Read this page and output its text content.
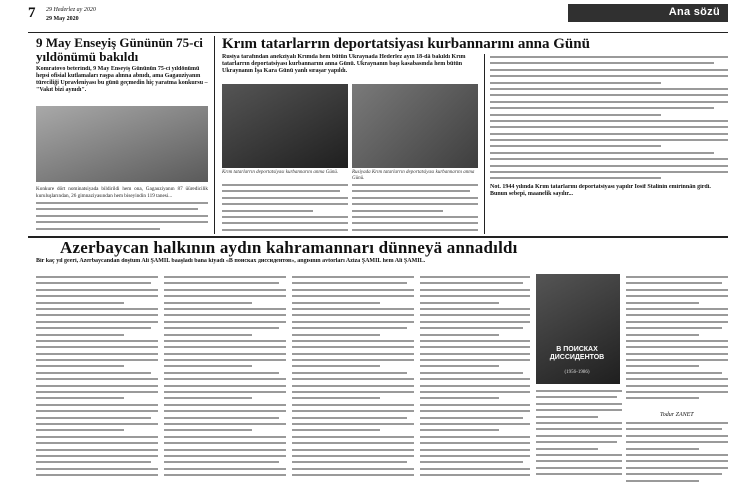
7 29 Hederlez ay 2020
29 May 2020
Ana sözü
9 May Enseyiş Gününün 75-ci yıldönümü bakıldı
Komratovo beterindi, 9 May Enseyiş Gününün 75-ci yıldönümü hepsi ofisial kutlamaları raşpa alınna abnıdı, ama Gagauziyanın türeciliği Upravleniyası bu günü geçmedin hiç yaratma konkursu – "Vakıt bizi aynıdı".
Konkure dört nominatsiyada bildirildi hem ona, Gagauziyanın 87 üüredicilik kuruluşlarından, 26 gimnaziyasından hem biseyindin 119 tanesi...
Krım tatarlarrın deportatsiyası kurbannarını anna Günü
Rusiya tarafından anekziyalı Krımda hem bütün Ukraynada Hederlez ayın 18-dä bakıldı Krım tatarlarrın deportatsiyası kurbannarını anna Günü. Ukraynanın başı kasabasında hem bütün Ukraynanın İşa Kara Günü yanlı sıraşar yapıldı.
Krım tatarlarrın deportatsiyası kurbannarını anma Günü.	Rusiyada Krım tatarlarrın deportatsiyası kurbannarını anma Günü.
Not. 1944 yılında Krım tatarlarını deportatsiyası yapılır İosif Stalinin emirinnän girdi. Bunun sebepi, maanelik sayılır...
Azerbaycan halkının aydın kahramannarı dünneyä annadıldı
Bir kaç yıl geeri, Azerbaycandan doştum Ali ŞAMİL baaşladı bana kiyadı «В поисках диссидентов», angısının avtorları Aziza ŞAMİL hem Ali ŞAMİL.
В ПОИСКАХ ДИССИДЕНТОВ
(1956-1986)
Todur ZANET
